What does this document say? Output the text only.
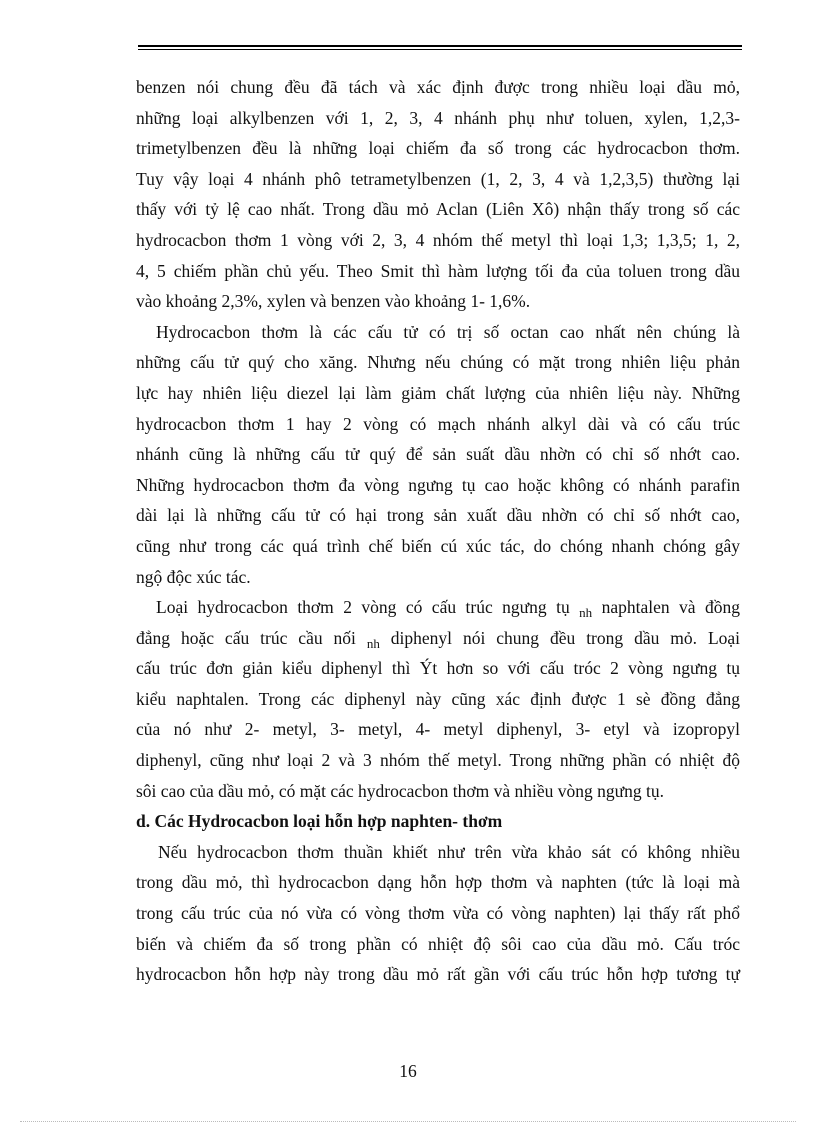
benzen nói chung đều đã tách và xác định được trong nhiều loại dầu mỏ,
những loại alkylbenzen với 1, 2, 3, 4 nhánh phụ như toluen, xylen, 1,2,3-
trimetylbenzen đều là những loại chiếm đa số trong các hydrocacbon thơm.
Tuy vậy loại 4 nhánh phô tetrametylbenzen (1, 2, 3, 4 và 1,2,3,5) thường lại
thấy với tỷ lệ cao nhất. Trong dầu mỏ Aclan (Liên Xô) nhận thấy trong số các
hydrocacbon thơm 1 vòng với 2, 3, 4 nhóm thế metyl thì loại 1,3; 1,3,5; 1, 2,
4, 5 chiếm phần chủ yếu. Theo Smit thì hàm lượng tối đa của toluen trong dầu
vào khoảng 2,3%, xylen và benzen vào khoảng 1- 1,6%.
Hydrocacbon thơm là các cấu tử có trị số octan cao nhất nên chúng là
những cấu tử quý cho xăng. Nhưng nếu chúng có mặt trong nhiên liệu phản
lực hay nhiên liệu diezel lại làm giảm chất lượng của nhiên liệu này. Những
hydrocacbon thơm 1 hay 2 vòng có mạch nhánh alkyl dài và có cấu trúc
nhánh cũng là những cấu tử quý để sản suất dầu nhờn có chỉ số nhớt cao.
Những hydrocacbon thơm đa vòng ngưng tụ cao hoặc không có nhánh parafin
dài lại là những cấu tử có hại trong sản xuất dầu nhờn có chỉ số nhớt cao,
cũng như trong các quá trình chế biến cú xúc tác, do chóng nhanh chóng gây
ngộ độc xúc tác.
Loại hydrocacbon thơm 2 vòng có cấu trúc ngưng tụ $_{nh}$ naphtalen và đồng
đẳng hoặc cấu trúc cầu nối $_{nh}$ diphenyl nói chung đều trong dầu mỏ. Loại
cấu trúc đơn giản kiểu diphenyl thì Ýt hơn so với cấu tróc 2 vòng ngưng tụ
kiểu naphtalen. Trong các diphenyl này cũng xác định được 1 sè đồng đẳng
của nó như 2- metyl, 3- metyl, 4- metyl diphenyl, 3- etyl và izopropyl
diphenyl, cũng như loại 2 và 3 nhóm thế metyl. Trong những phần có nhiệt độ
sôi cao của dầu mỏ, có mặt các hydrocacbon thơm và nhiều vòng ngưng tụ.
d. Các Hydrocacbon loại hỗn hợp naphten- thơm
Nếu hydrocacbon thơm thuần khiết như trên vừa khảo sát có không nhiều
trong dầu mỏ, thì hydrocacbon dạng hỗn hợp thơm và naphten (tức là loại mà
trong cấu trúc của nó vừa có vòng thơm vừa có vòng naphten) lại thấy rất phổ
biến và chiếm đa số trong phần có nhiệt độ sôi cao của dầu mỏ. Cấu tróc
hydrocacbon hỗn hợp này trong dầu mỏ rất gần với cấu trúc hỗn hợp tương tự
16
